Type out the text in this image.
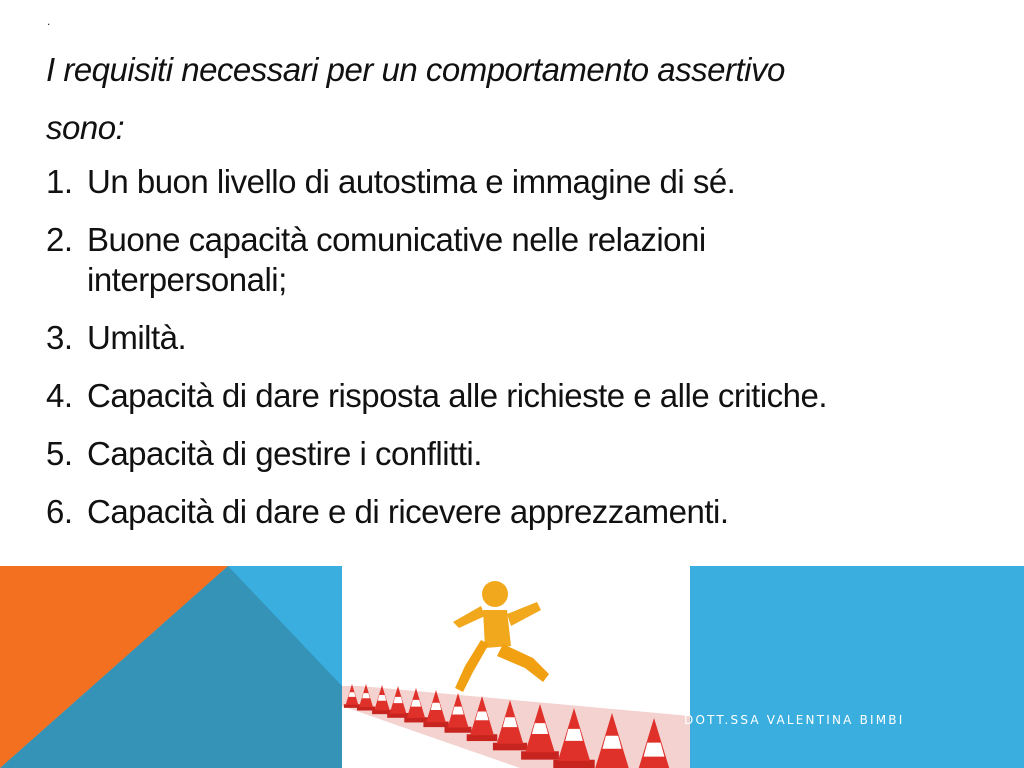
.

I requisiti necessari per un comportamento assertivo
sono:

1. Un buon livello di autostima e immagine di sé.
2. Buone capacità comunicative nelle relazioni interpersonali;
3. Umiltà.
4. Capacità di dare risposta alle richieste e alle critiche.
5. Capacità di gestire i conflitti.
6. Capacità di dare e di ricevere apprezzamenti.
DOTT.SSA VALENTINA BIMBI
